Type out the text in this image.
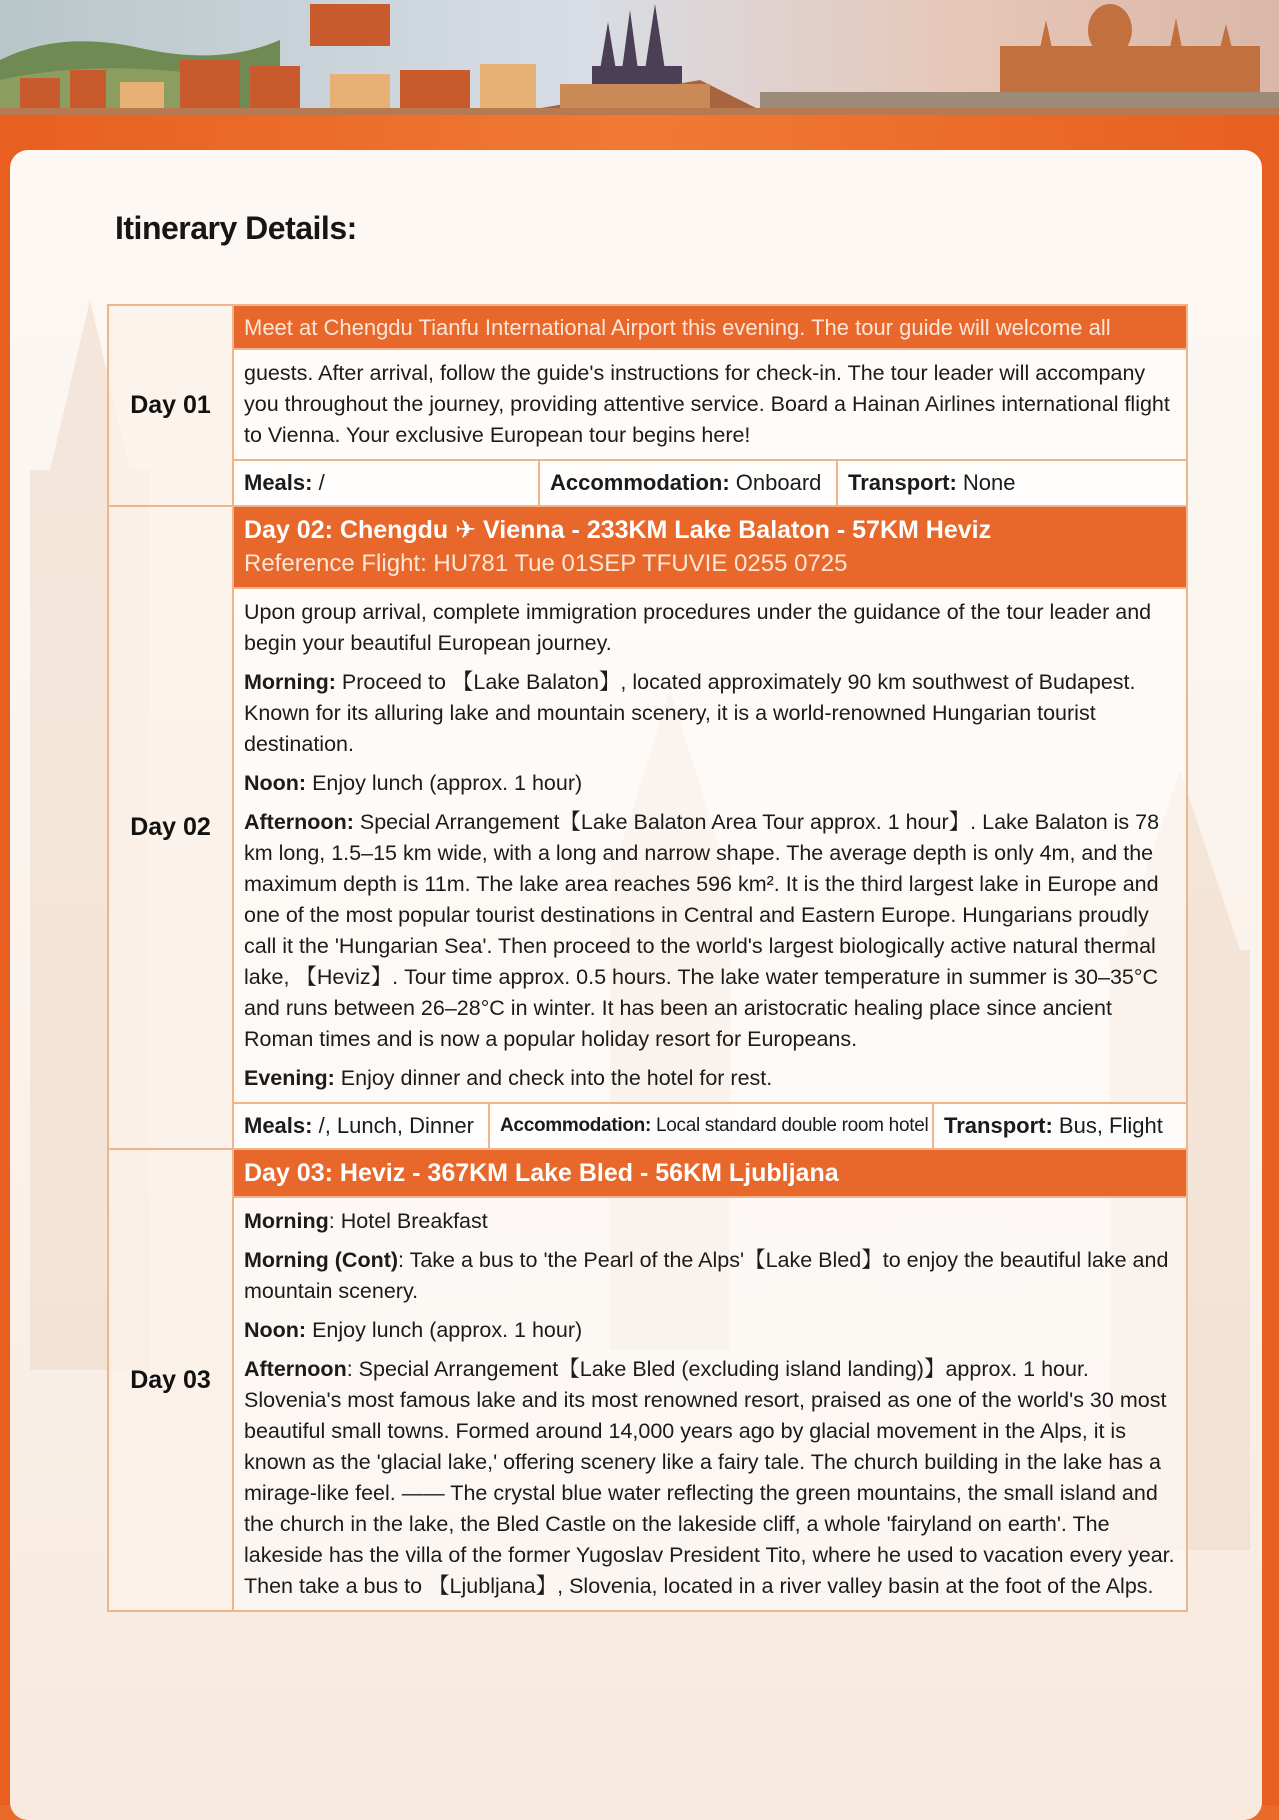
Itinerary Details:
Day 01
Meet at Chengdu Tianfu International Airport this evening. The tour guide will welcome all

guests. After arrival, follow the guide's instructions for check-in. The tour leader will accompany you throughout the journey, providing attentive service. Board a Hainan Airlines international flight to Vienna. Your exclusive European tour begins here!

Meals: /	Accommodation: Onboard	Transport: None
Day 02
Day 02: Chengdu ✈ Vienna - 233KM Lake Balaton - 57KM Heviz
Reference Flight: HU781 Tue 01SEP TFUVIE 0255 0725

Upon group arrival, complete immigration procedures under the guidance of the tour leader and begin your beautiful European journey.

Morning: Proceed to 【Lake Balaton】, located approximately 90 km southwest of Budapest. Known for its alluring lake and mountain scenery, it is a world-renowned Hungarian tourist destination.

Noon: Enjoy lunch (approx. 1 hour)

Afternoon: Special Arrangement【Lake Balaton Area Tour approx. 1 hour】. Lake Balaton is 78 km long, 1.5–15 km wide, with a long and narrow shape. The average depth is only 4m, and the maximum depth is 11m. The lake area reaches 596 km². It is the third largest lake in Europe and one of the most popular tourist destinations in Central and Eastern Europe. Hungarians proudly call it the 'Hungarian Sea'. Then proceed to the world's largest biologically active natural thermal lake, 【Heviz】. Tour time approx. 0.5 hours. The lake water temperature in summer is 30–35°C and runs between 26–28°C in winter. It has been an aristocratic healing place since ancient Roman times and is now a popular holiday resort for Europeans.

Evening: Enjoy dinner and check into the hotel for rest.

Meals: /, Lunch, Dinner	Accommodation: Local standard double room hotel Transport: Bus, Flight
Day 03
Day 03: Heviz - 367KM Lake Bled - 56KM Ljubljana

Morning: Hotel Breakfast

Morning (Cont): Take a bus to 'the Pearl of the Alps'【Lake Bled】to enjoy the beautiful lake and mountain scenery.

Noon: Enjoy lunch (approx. 1 hour)

Afternoon: Special Arrangement【Lake Bled (excluding island landing)】approx. 1 hour. Slovenia's most famous lake and its most renowned resort, praised as one of the world's 30 most beautiful small towns. Formed around 14,000 years ago by glacial movement in the Alps, it is known as the 'glacial lake,' offering scenery like a fairy tale. The church building in the lake has a mirage-like feel. —— The crystal blue water reflecting the green mountains, the small island and the church in the lake, the Bled Castle on the lakeside cliff, a whole 'fairyland on earth'. The lakeside has the villa of the former Yugoslav President Tito, where he used to vacation every year. Then take a bus to 【Ljubljana】, Slovenia, located in a river valley basin at the foot of the Alps.
